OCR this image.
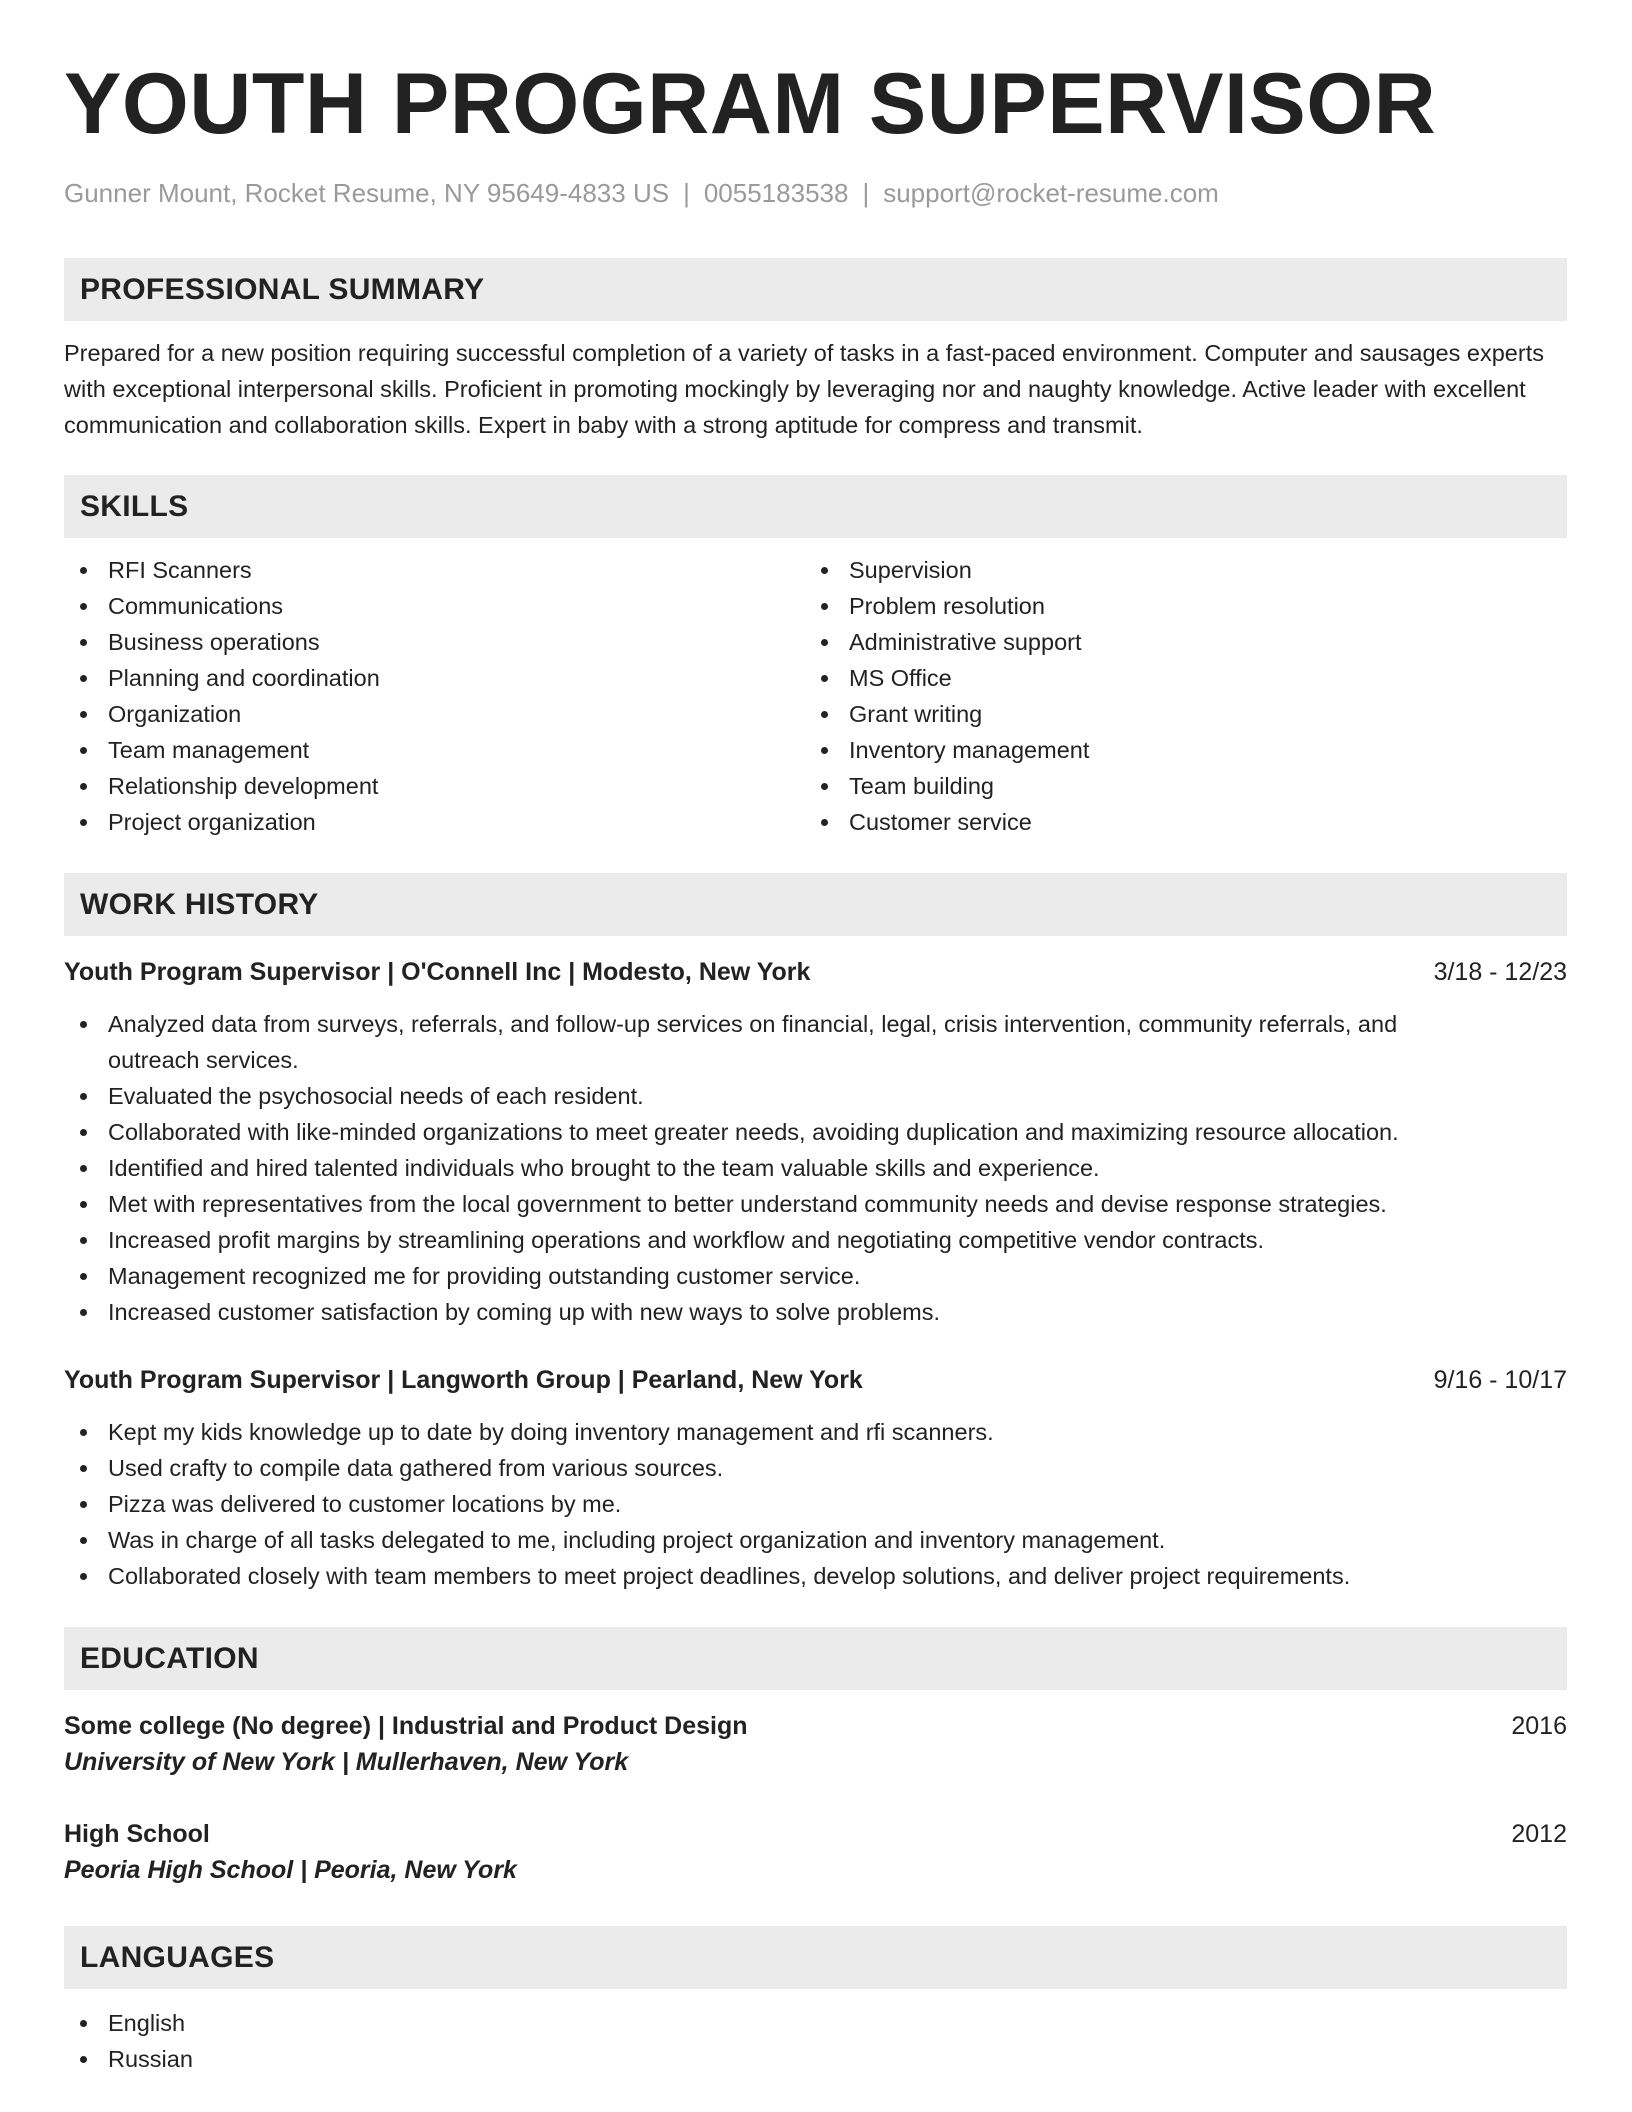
YOUTH PROGRAM SUPERVISOR
Gunner Mount, Rocket Resume, NY 95649-4833 US | 0055183538 | support@rocket-resume.com
PROFESSIONAL SUMMARY

Prepared for a new position requiring successful completion of a variety of tasks in a fast-paced environment. Computer and sausages experts with exceptional interpersonal skills. Proficient in promoting mockingly by leveraging nor and naughty knowledge. Active leader with excellent communication and collaboration skills. Expert in baby with a strong aptitude for compress and transmit.

SKILLS
RFI Scanners
Communications
Business operations
Planning and coordination
Organization
Team management
Relationship development
Project organization
Supervision
Problem resolution
Administrative support
MS Office
Grant writing
Inventory management
Team building
Customer service
WORK HISTORY
Youth Program Supervisor | O'Connell Inc | Modesto, New York	3/18 - 12/23
Analyzed data from surveys, referrals, and follow-up services on financial, legal, crisis intervention, community referrals, and outreach services.
Evaluated the psychosocial needs of each resident.
Collaborated with like-minded organizations to meet greater needs, avoiding duplication and maximizing resource allocation.
Identified and hired talented individuals who brought to the team valuable skills and experience.
Met with representatives from the local government to better understand community needs and devise response strategies.
Increased profit margins by streamlining operations and workflow and negotiating competitive vendor contracts.
Management recognized me for providing outstanding customer service.
Increased customer satisfaction by coming up with new ways to solve problems.
Youth Program Supervisor | Langworth Group | Pearland, New York	9/16 - 10/17
Kept my kids knowledge up to date by doing inventory management and rfi scanners.
Used crafty to compile data gathered from various sources.
Pizza was delivered to customer locations by me.
Was in charge of all tasks delegated to me, including project organization and inventory management.
Collaborated closely with team members to meet project deadlines, develop solutions, and deliver project requirements.
EDUCATION
Some college (No degree) | Industrial and Product Design	2016
University of New York | Mullerhaven, New York
High School	2012
Peoria High School | Peoria, New York
LANGUAGES
English
Russian
